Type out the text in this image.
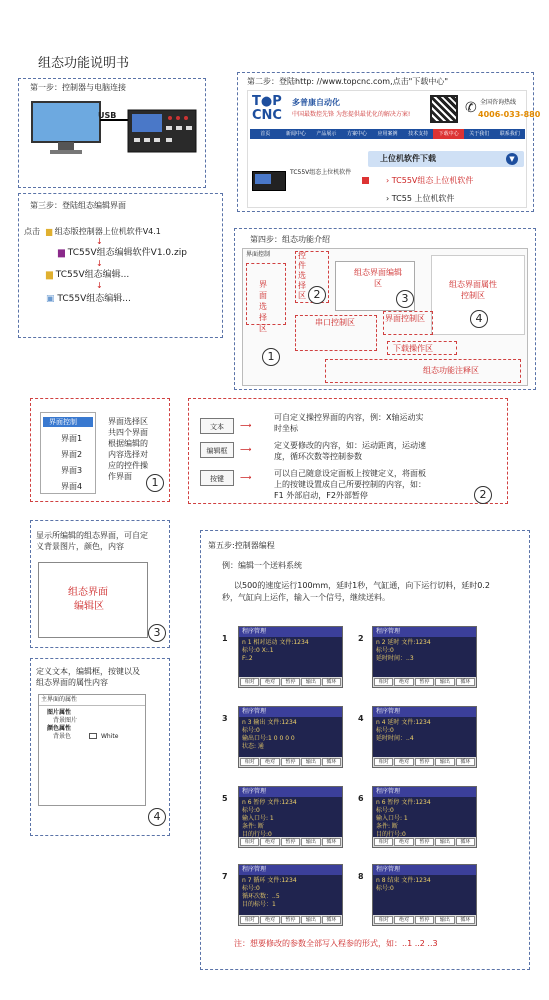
组态功能说明书
第一步：控制器与电脑连接
USB
第二步：登陆http: //www.topcnc.com,点击"下载中心"
T●P
CNC
多普康自动化
中国最数控先锋 为您提供最优化的解决方案!	✆ 全国咨询热线
4006-033-880
首页	新闻中心	产品展示	方案中心	应用案例	技术支持	下载中心	关于我们	联系我们
上位机软件下载	▼
TC55V组态上位机软件
› TC55V组态上位机软件
› TC55 上位机软件
第三步：登陆组态编辑界面
点击 ▆ 组态版控制器上位机软件V4.1
↓
▆ TC55V组态编辑软件V1.0.zip
↓
▆ TC55V组态编辑...
↓
▣ TC55V组态编辑...
第四步：组态功能介绍
界面控制
界面选择区
控件选择区
组态界面编辑区	组态界面属性控制区
串口控制区	界面控制区
下载操作区
组态功能注释区
1
2	3
4
界面控制
界面1
界面2
界面3
界面4
界面选择区
共四个界面
根据编辑的
内容选择对
应的控件操
作界面	1
文本
编辑框
按键
⟶
⟶
⟶
可自定义操控界面的内容，例：X轴运动实
时坐标
定义要修改的内容，如：运动距离，运动速
度，循环次数等控制参数
可以自己随意设定面板上按键定义，将面板
上的按键设置成自己所要控制的内容，如：
F1 外部启动，F2外部暂停	2
显示所编辑的组态界面，可自定
义背景图片，颜色，内容
组态界面
编辑区
3
定义文本，编辑框，按键以及
组态界面的属性内容
主界面的属性
图片属性
背景图片
颜色属性
背景色	White
4
第五步:控制器编程
例：编辑一个送料系统
以500的速度运行100mm，延时1秒，气缸通，向下运行切料，延时0.2
秒，气缸向上运作，输入一个信号，继续送料。
1
程序管理
n 1 相对运动 文件:1234
标号:0 X:.1
F:.2
相对	绝对	暂停	输出	循环
2
程序管理
n 2 延时 文件:1234
标号:0
延时时间：..3
相对	绝对	暂停	输出	循环
3
程序管理
n 3 输出 文件:1234
标号:0
输出口号:1 0 0 0 0
状态: 通
相对	绝对	暂停	输出	循环
4
程序管理
n 4 延时 文件:1234
标号:0
延时时间：..4
相对	绝对	暂停	输出	循环
5
程序管理
n 6 暂停 文件:1234
标号:0
输入口号: 1
条件: 断
目的行号:0
相对	绝对	暂停	输出	循环
6
程序管理
n 6 暂停 文件:1234
标号:0
输入口号: 1
条件: 断
目的行号:0
相对	绝对	暂停	输出	循环
7
程序管理
n 7 循环 文件:1234
标号:0
循环次数：..5
目的标号：1
相对	绝对	暂停	输出	循环
8
程序管理
n 8 结束 文件:1234
标号:0
相对	绝对	暂停	输出	循环
注：想要修改的参数全部写入程参的形式，如：..1 ..2 ..3
